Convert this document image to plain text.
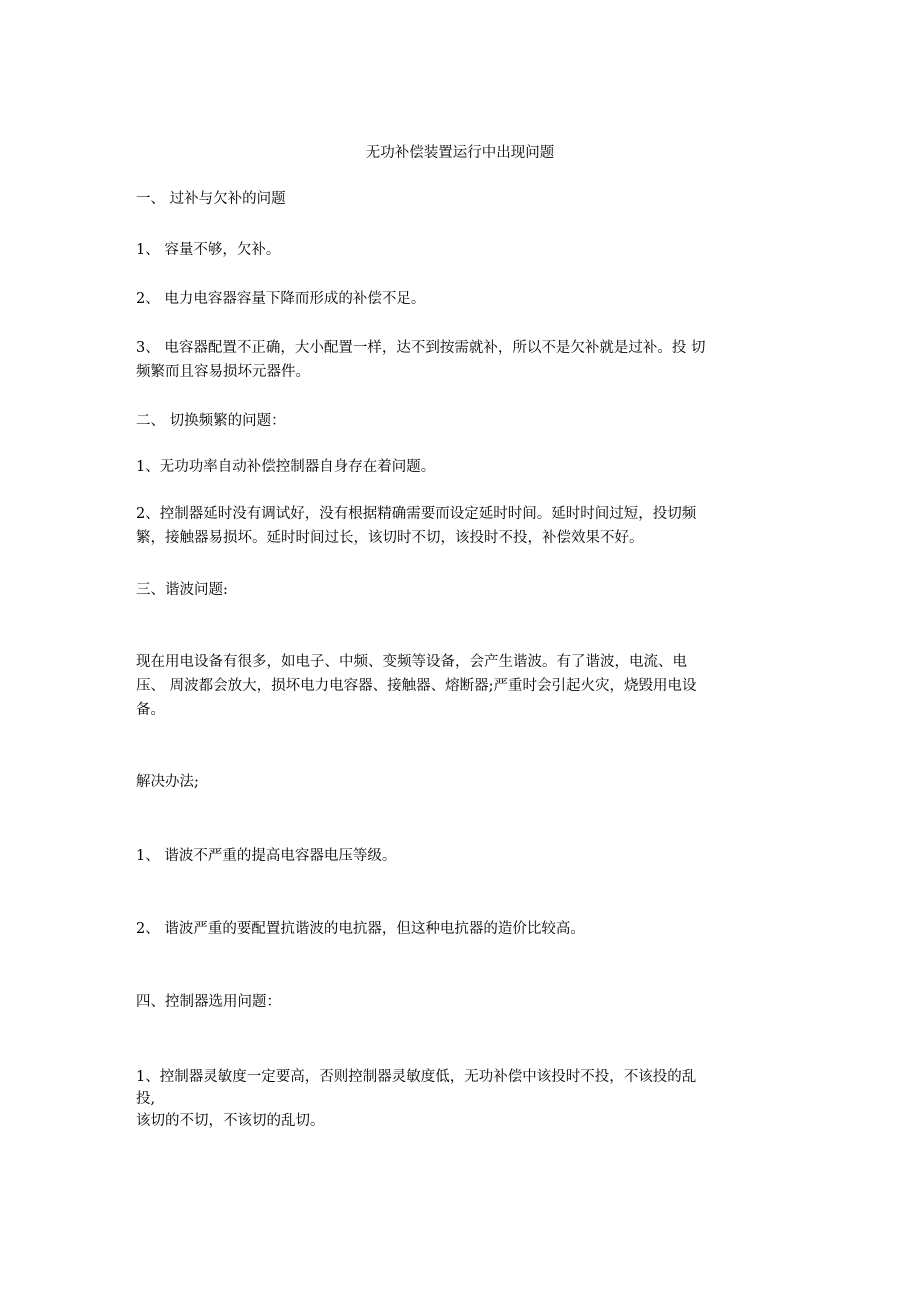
无功补偿装置运行中出现问题
一、 过补与欠补的问题
1、 容量不够，欠补。
2、 电力电容器容量下降而形成的补偿不足。
3、 电容器配置不正确，大小配置一样，达不到按需就补，所以不是欠补就是过补。投 切
频繁而且容易损坏元器件。
二、 切换频繁的问题：
1、无功功率自动补偿控制器自身存在着问题。
2、控制器延时没有调试好，没有根据精确需要而设定延时时间。延时时间过短，投切频
繁，接触器易损坏。延时时间过长，该切时不切，该投时不投，补偿效果不好。
三、谐波问题:
现在用电设备有很多，如电子、中频、变频等设备，会产生谐波。有了谐波，电流、电
压、 周波都会放大，损坏电力电容器、接触器、熔断器;严重时会引起火灾，烧毁用电设
备。
解决办法;
1、 谐波不严重的提高电容器电压等级。
2、 谐波严重的要配置抗谐波的电抗器，但这种电抗器的造价比较高。
四、控制器选用问题：
1、控制器灵敏度一定要高，否则控制器灵敏度低，无功补偿中该投时不投，不该投的乱
投,
该切的不切，不该切的乱切。
